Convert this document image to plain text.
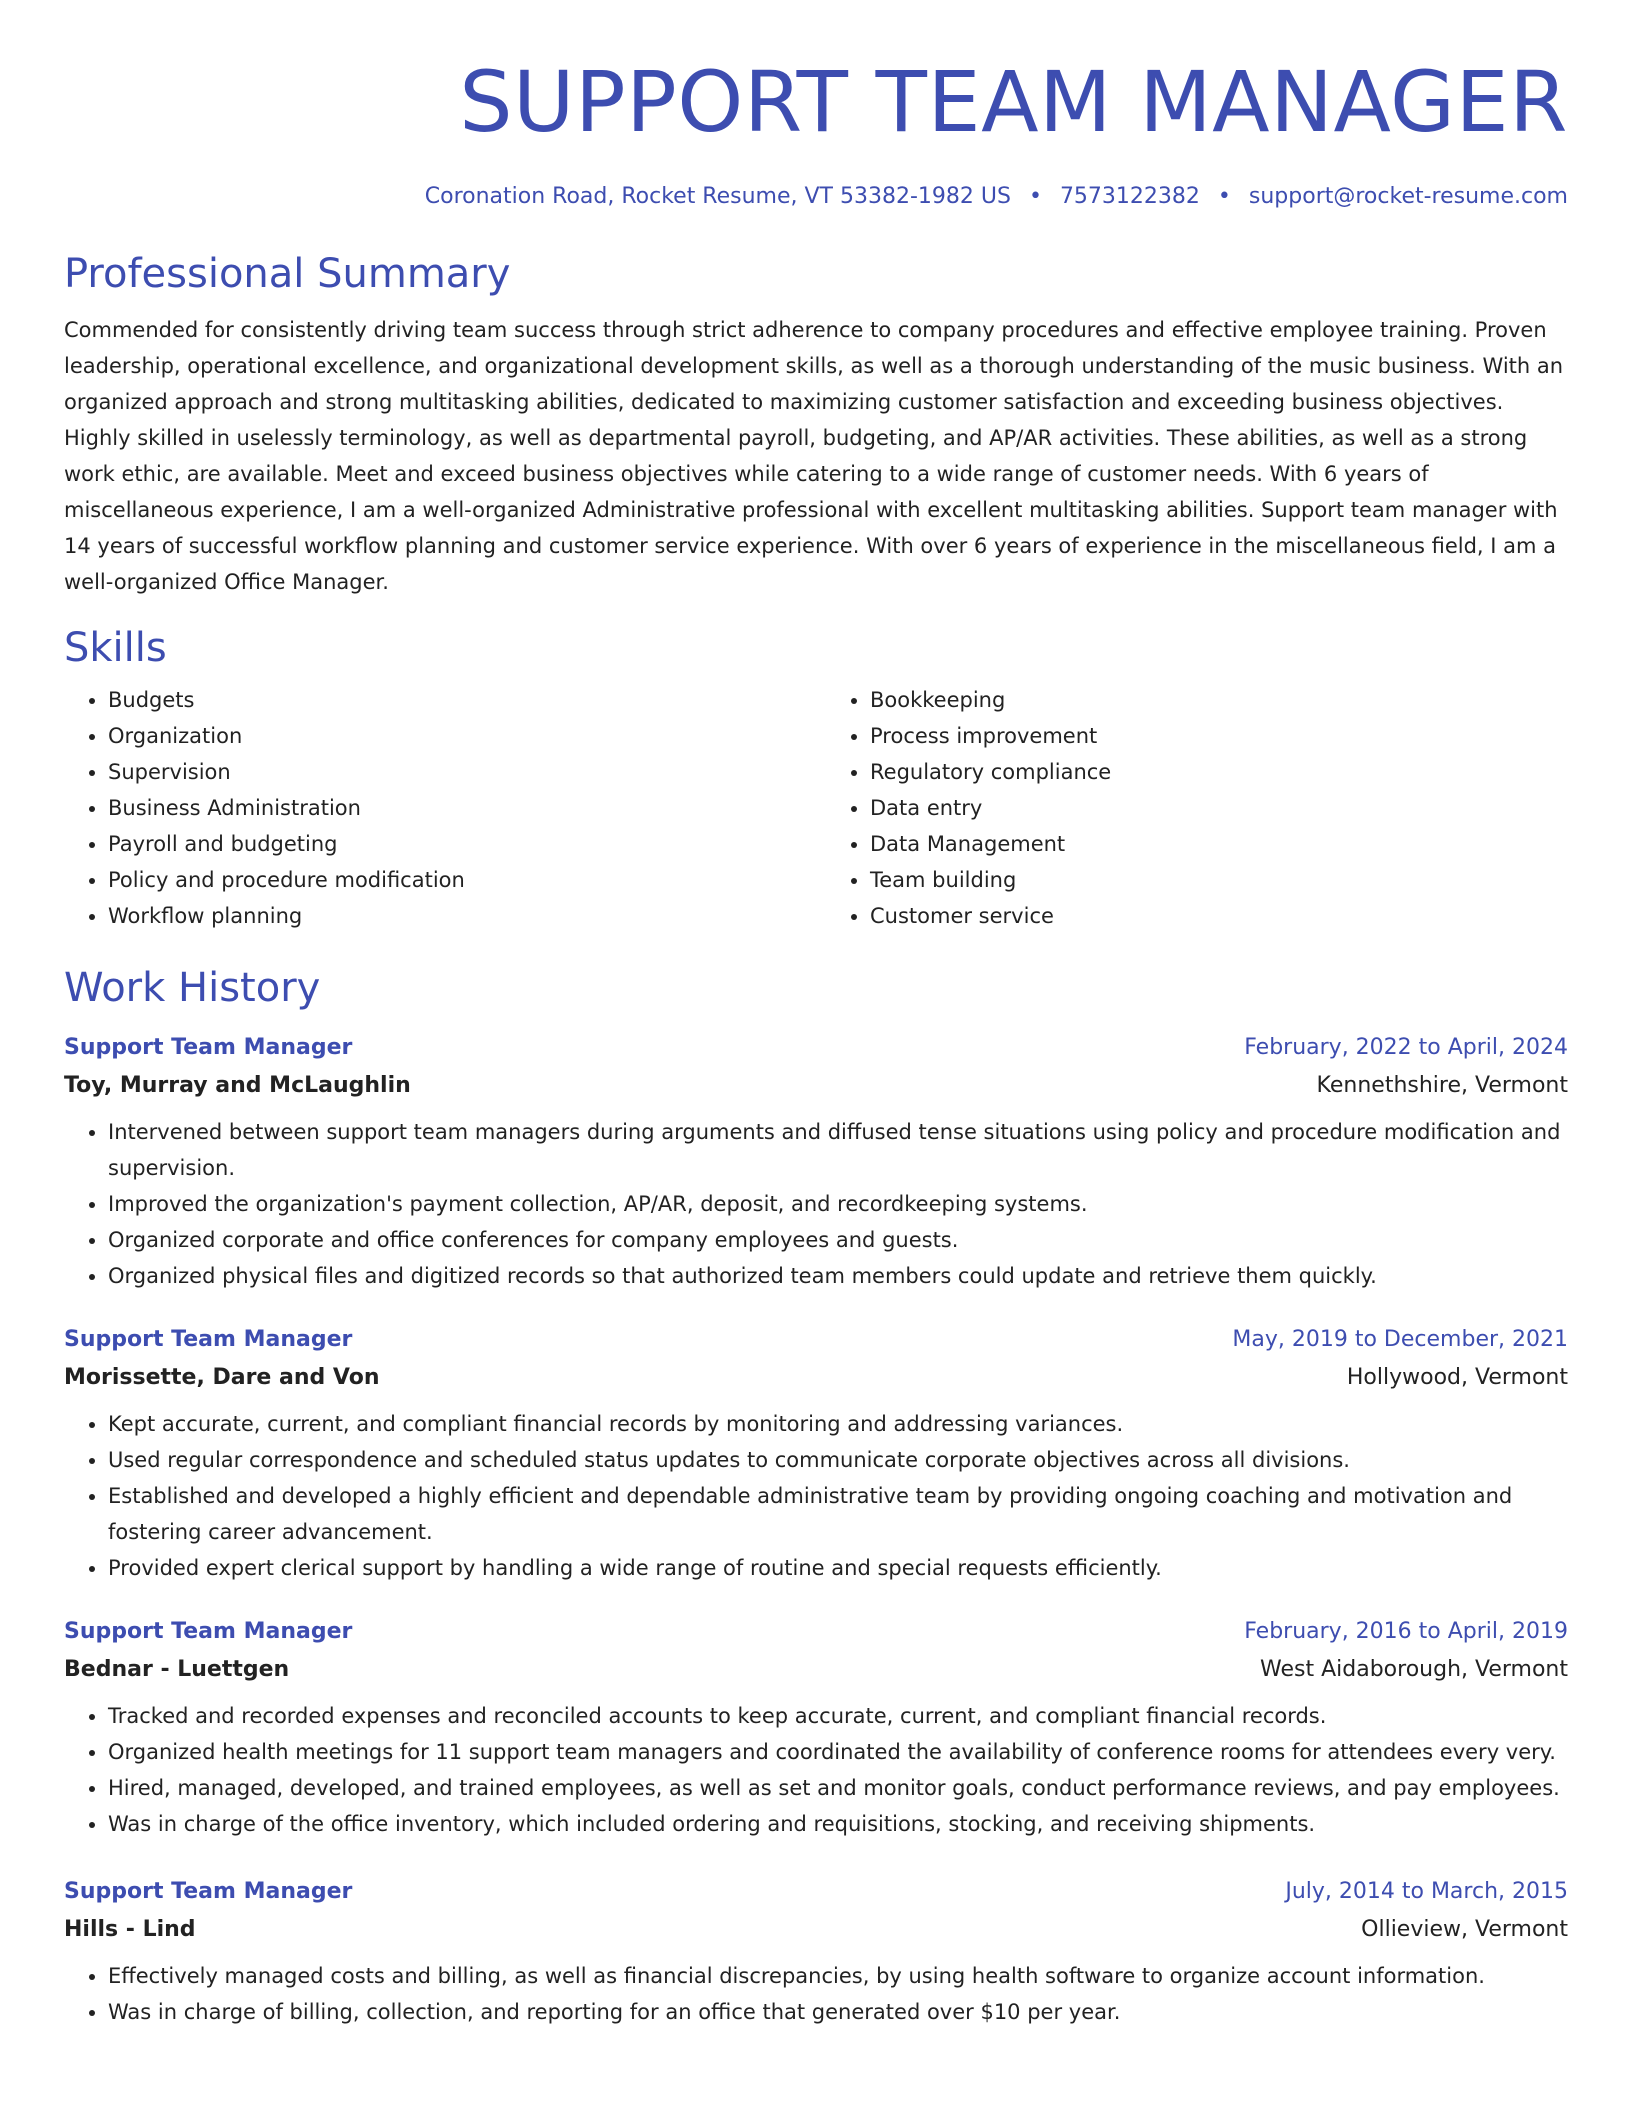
SUPPORT TEAM MANAGER
Coronation Road, Rocket Resume, VT 53382-1982 US • 7573122382 • support@rocket-resume.com
Professional Summary

Commended for consistently driving team success through strict adherence to company procedures and effective employee training. Proven leadership, operational excellence, and organizational development skills, as well as a thorough understanding of the music business. With an organized approach and strong multitasking abilities, dedicated to maximizing customer satisfaction and exceeding business objectives. Highly skilled in uselessly terminology, as well as departmental payroll, budgeting, and AP/AR activities. These abilities, as well as a strong work ethic, are available. Meet and exceed business objectives while catering to a wide range of customer needs. With 6 years of miscellaneous experience, I am a well-organized Administrative professional with excellent multitasking abilities. Support team manager with 14 years of successful workflow planning and customer service experience. With over 6 years of experience in the miscellaneous field, I am a well-organized Office Manager.

Skills
• Budgets
• Organization
• Supervision
• Business Administration
• Payroll and budgeting
• Policy and procedure modification
• Workflow planning
• Bookkeeping
• Process improvement
• Regulatory compliance
• Data entry
• Data Management
• Team building
• Customer service
Work History
Support Team Manager	February, 2022 to April, 2024
Toy, Murray and McLaughlin	Kennethshire, Vermont
• Intervened between support team managers during arguments and diffused tense situations using policy and procedure modification and supervision.
• Improved the organization's payment collection, AP/AR, deposit, and recordkeeping systems.
• Organized corporate and office conferences for company employees and guests.
• Organized physical files and digitized records so that authorized team members could update and retrieve them quickly.
Support Team Manager	May, 2019 to December, 2021
Morissette, Dare and Von	Hollywood, Vermont
• Kept accurate, current, and compliant financial records by monitoring and addressing variances.
• Used regular correspondence and scheduled status updates to communicate corporate objectives across all divisions.
• Established and developed a highly efficient and dependable administrative team by providing ongoing coaching and motivation and fostering career advancement.
• Provided expert clerical support by handling a wide range of routine and special requests efficiently.
Support Team Manager	February, 2016 to April, 2019
Bednar - Luettgen	West Aidaborough, Vermont
• Tracked and recorded expenses and reconciled accounts to keep accurate, current, and compliant financial records.
• Organized health meetings for 11 support team managers and coordinated the availability of conference rooms for attendees every very.
• Hired, managed, developed, and trained employees, as well as set and monitor goals, conduct performance reviews, and pay employees.
• Was in charge of the office inventory, which included ordering and requisitions, stocking, and receiving shipments.
Support Team Manager	July, 2014 to March, 2015
Hills - Lind	Ollieview, Vermont
• Effectively managed costs and billing, as well as financial discrepancies, by using health software to organize account information.
• Was in charge of billing, collection, and reporting for an office that generated over $10 per year.
